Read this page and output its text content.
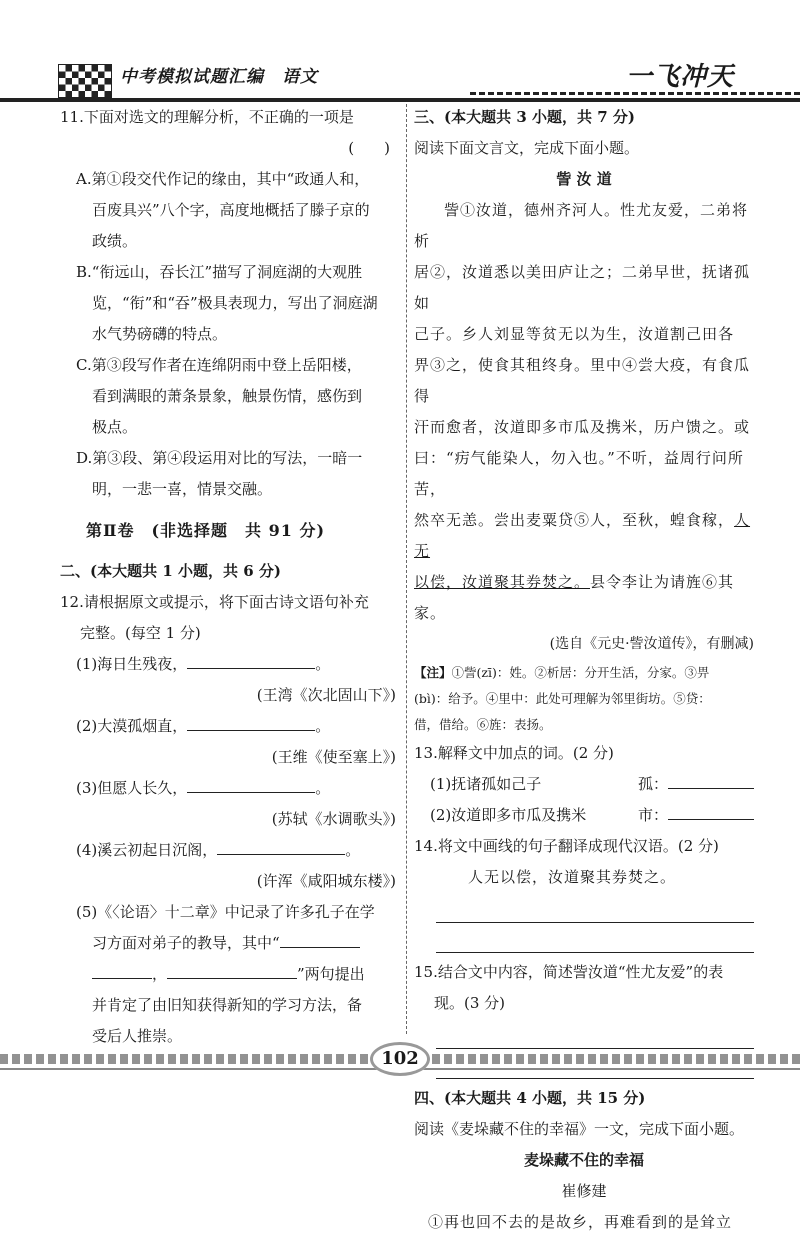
中考模拟试题汇编　语文	一飞冲天

11.下面对选文的理解分析，不正确的一项是

(　　)

A.第①段交代作记的缘由，其中“政通人和，

百废具兴”八个字，高度地概括了滕子京的

政绩。

B.“衔远山，吞长江”描写了洞庭湖的大观胜

览，“衔”和“吞”极具表现力，写出了洞庭湖

水气势磅礴的特点。

C.第③段写作者在连绵阴雨中登上岳阳楼，

看到满眼的萧条景象，触景伤情，感伤到

极点。

D.第③段、第④段运用对比的写法，一暗一

明，一悲一喜，情景交融。

第Ⅱ卷　(非选择题　共 91 分)

二、(本大题共 1 小题，共 6 分)

12.请根据原文或提示，将下面古诗文语句补充

完整。(每空 1 分)

(1)海日生残夜，	。

(王湾《次北固山下》)

(2)大漠孤烟直，	。

(王维《使至塞上》)

(3)但愿人长久，	。

(苏轼《水调歌头》)

(4)溪云初起日沉阁，	。

(许浑《咸阳城东楼》)

(5)《〈论语〉十二章》中记录了许多孔子在学

习方面对弟子的教导，其中“

，	”两句提出

并肯定了由旧知获得新知的学习方法，备

受后人推崇。

三、(本大题共 3 小题，共 7 分)

阅读下面文言文，完成下面小题。

訾 汝 道

訾①汝道，德州齐河人。性尤友爱，二弟将析

居②，汝道悉以美田庐让之；二弟早世，抚诸孤如

己子。乡人刘显等贫无以为生，汝道割己田各

畀③之，使食其租终身。里中④尝大疫，有食瓜得

汗而愈者，汝道即多市瓜及携米，历户馈之。或

曰：“疠气能染人，勿入也。”不听，益周行问所苦，

然卒无恙。尝出麦粟贷⑤人，至秋，蝗食稼，人无

以偿，汝道聚其券焚之。县令李让为请旌⑥其家。

(选自《元史·訾汝道传》，有删减)

【注】①訾(zī)：姓。②析居：分开生活，分家。③畀

(bì)：给予。④里中：此处可理解为邻里街坊。⑤贷：

借，借给。⑥旌：表扬。

13.解释文中加点的词。(2 分)

(1)抚诸孤如己子	孤：
(2)汝道即多市瓜及携米	市：

14.将文中画线的句子翻译成现代汉语。(2 分)

人无以偿，汝道聚其券焚之。

15.结合文中内容，简述訾汝道“性尤友爱”的表

现。(3 分)

四、(本大题共 4 小题，共 15 分)

阅读《麦垛藏不住的幸福》一文，完成下面小题。

麦垛藏不住的幸福

崔修建

①再也回不去的是故乡，再难看到的是耸立

102
